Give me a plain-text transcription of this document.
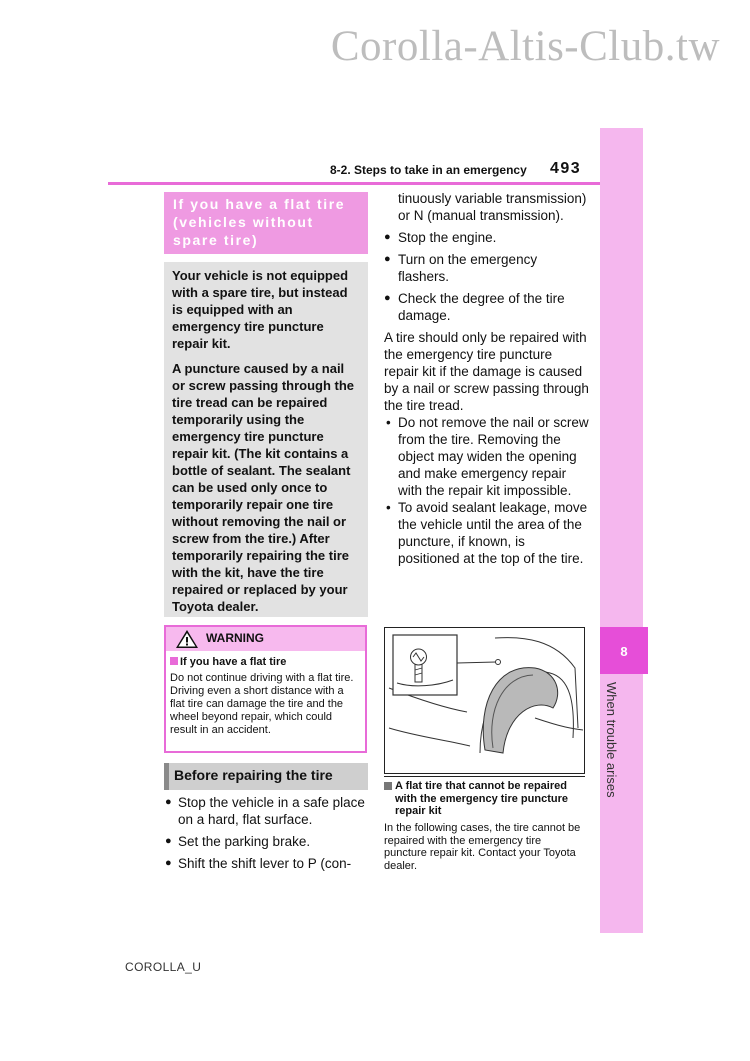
Corolla-Altis-Club.tw
8
When trouble arises
8-2. Steps to take in an emergency 493
If you have a flat tire
(vehicles without
spare tire)

Your vehicle is not equipped with a spare tire, but instead is equipped with an emergency tire puncture repair kit.

A puncture caused by a nail or screw passing through the tire tread can be repaired temporarily using the emergency tire puncture repair kit. (The kit contains a bottle of sealant. The sealant can be used only once to temporarily repair one tire without removing the nail or screw from the tire.) After temporarily repairing the tire with the kit, have the tire repaired or replaced by your Toyota dealer.

WARNING
If you have a flat tire
Do not continue driving with a flat tire.
Driving even a short distance with a flat tire can damage the tire and the wheel beyond repair, which could result in an accident.
Before repairing the tire
● Stop the vehicle in a safe place on a hard, flat surface.
● Set the parking brake.
● Shift the shift lever to P (con-
tinuously variable transmission) or N (manual transmission).
● Stop the engine.
● Turn on the emergency flashers.
● Check the degree of the tire damage.
A tire should only be repaired with the emergency tire puncture repair kit if the damage is caused by a nail or screw passing through the tire tread.
• Do not remove the nail or screw from the tire. Removing the object may widen the opening and make emergency repair with the repair kit impossible.
• To avoid sealant leakage, move the vehicle until the area of the puncture, if known, is positioned at the top of the tire.
A flat tire that cannot be repaired with the emergency tire puncture repair kit
In the following cases, the tire cannot be repaired with the emergency tire puncture repair kit. Contact your Toyota dealer.
COROLLA_U
